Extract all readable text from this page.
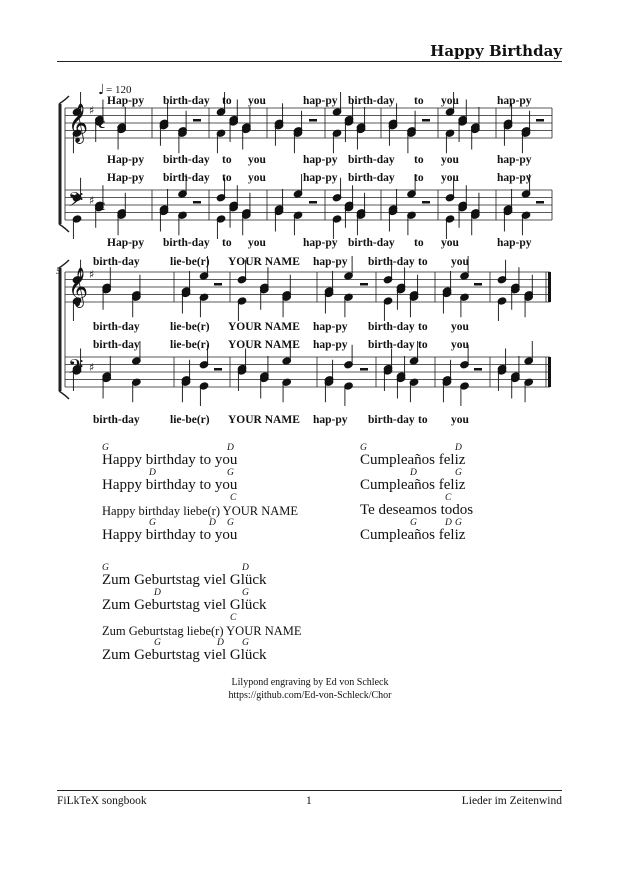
Happy Birthday
𝄞 ♯
c
𝄢 ♯ c
𝄞 ♯
𝄢 ♯
Hap-py birth-day to you	hap-py birth-day to you	hap-py
Hap-py birth-day to you	hap-py birth-day to you	hap-py
Hap-py birth-day to you	hap-py birth-day to you	hap-py
Hap-py birth-day to you	hap-py birth-day to you	hap-py
birth-day	lie-be(r) YOUR NAME hap-py birth-day to you
birth-day	lie-be(r) YOUR NAME hap-py birth-day to you
birth-day	lie-be(r) YOUR NAME hap-py birth-day to you
birth-day	lie-be(r) YOUR NAME hap-py birth-day to you
♩ = 120
5
G	D
Happy birthday to you
D	G
Happy birthday to you
C
Happy birthday liebe(r) YOUR NAME
G	D G
Happy birthday to you
G	D
Cumpleaños feliz
D	G
Cumpleaños feliz
C
Te deseamos todos
G	D G
Cumpleaños feliz
G	D
Zum Geburtstag viel Glück
D	G
Zum Geburtstag viel Glück
C
Zum Geburtstag liebe(r) YOUR NAME
G	D G
Zum Geburtstag viel Glück
Lilypond engraving by Ed von Schleck
https://github.com/Ed-von-Schleck/Chor
FiLkTeX songbook	1	Lieder im Zeitenwind
